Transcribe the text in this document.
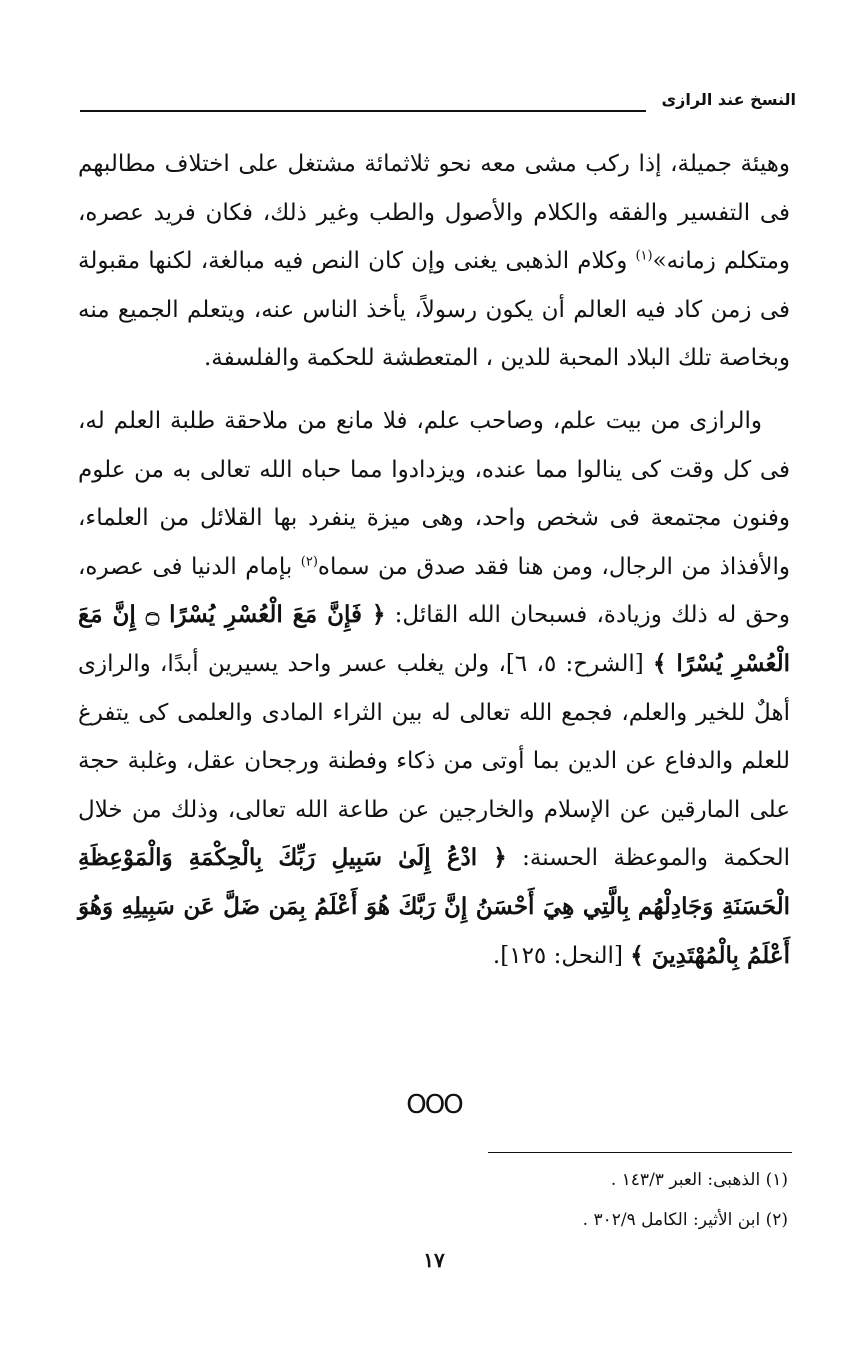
النسخ عند الرازى

وهيئة جميلة، إذا ركب مشى معه نحو ثلاثمائة مشتغل على اختلاف مطالبهم فى التفسير والفقه والكلام والأصول والطب وغير ذلك، فكان فريد عصره، ومتكلم زمانه»$^{(١)}$ وكلام الذهبى يغنى وإن كان النص فيه مبالغة، لكنها مقبولة فى زمن كاد فيه العالم أن يكون رسولاً، يأخذ الناس عنه، ويتعلم الجميع منه وبخاصة تلك البلاد المحبة للدين ، المتعطشة للحكمة والفلسفة.

والرازى من بيت علم، وصاحب علم، فلا مانع من ملاحقة طلبة العلم له، فى كل وقت كى ينالوا مما عنده، ويزدادوا مما حباه الله تعالى به من علوم وفنون مجتمعة فى شخص واحد، وهى ميزة ينفرد بها القلائل من العلماء، والأفذاذ من الرجال، ومن هنا فقد صدق من سماه$^{(٢)}$ بإمام الدنيا فى عصره، وحق له ذلك وزيادة، فسبحان الله القائل: ﴿ فَإِنَّ مَعَ الْعُسْرِ يُسْرًا ۝ إِنَّ مَعَ الْعُسْرِ يُسْرًا ﴾ [الشرح: ٥، ٦]، ولن يغلب عسر واحد يسيرين أبدًا، والرازى أهلٌ للخير والعلم، فجمع الله تعالى له بين الثراء المادى والعلمى كى يتفرغ للعلم والدفاع عن الدين بما أوتى من ذكاء وفطنة ورجحان عقل، وغلبة حجة على المارقين عن الإسلام والخارجين عن طاعة الله تعالى، وذلك من خلال الحكمة والموعظة الحسنة: ﴿ ادْعُ إِلَىٰ سَبِيلِ رَبِّكَ بِالْحِكْمَةِ وَالْمَوْعِظَةِ الْحَسَنَةِ وَجَادِلْهُم بِالَّتِي هِيَ أَحْسَنُ إِنَّ رَبَّكَ هُوَ أَعْلَمُ بِمَن ضَلَّ عَن سَبِيلِهِ وَهُوَ أَعْلَمُ بِالْمُهْتَدِينَ ﴾ [النحل: ١٢٥].

OOO
(١) الذهبى: العبر ١٤٣/٣ .
(٢) ابن الأثير: الكامل ٣٠٢/٩ .
١٧
